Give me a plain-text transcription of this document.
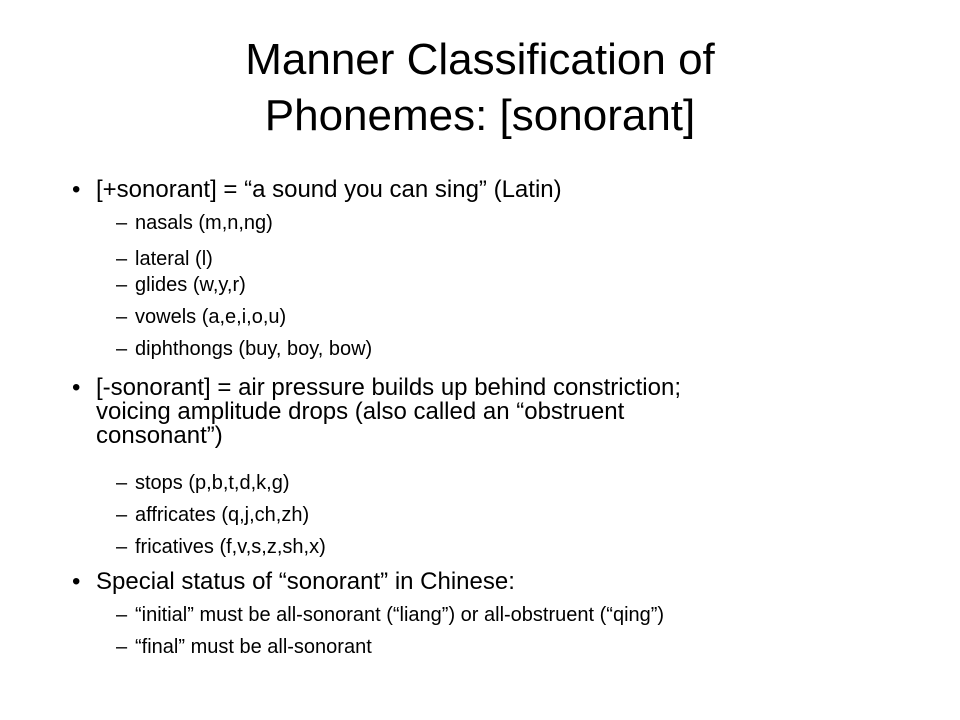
Manner Classification of
Phonemes: [sonorant]
• [+sonorant] = “a sound you can sing” (Latin)
– nasals (m,n,ng)
– lateral (l)
– glides (w,y,r)
– vowels (a,e,i,o,u)
– diphthongs (buy, boy, bow)
• [-sonorant] = air pressure builds up behind constriction;
voicing amplitude drops (also called an “obstruent
consonant”)
– stops (p,b,t,d,k,g)
– affricates (q,j,ch,zh)
– fricatives (f,v,s,z,sh,x)
• Special status of “sonorant” in Chinese:
– “initial” must be all-sonorant (“liang”) or all-obstruent (“qing”)
– “final” must be all-sonorant
